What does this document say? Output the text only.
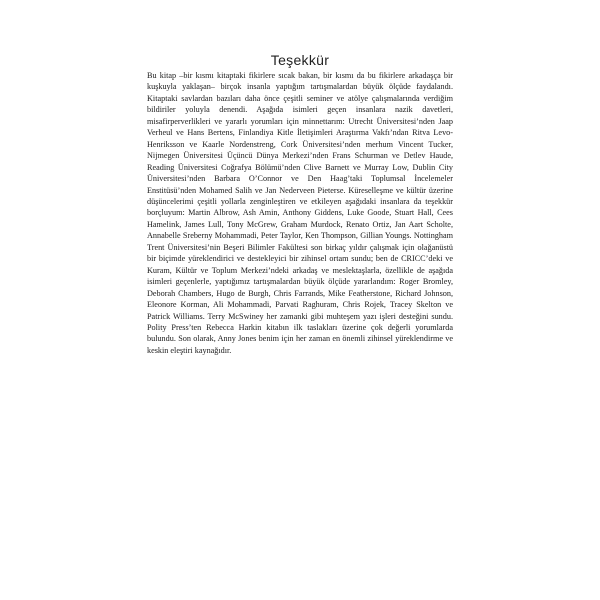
Teşekkür

Bu kitap –bir kısmı kitaptaki fikirlere sıcak bakan, bir kısmı da bu fikirlere arkadaşça bir kuşkuyla yaklaşan– birçok insanla yaptığım tartışmalardan büyük ölçüde faydalandı. Kitaptaki savlardan bazıları daha önce çeşitli seminer ve atölye çalışmalarında verdiğim bildiriler yoluyla denendi. Aşağıda isimleri geçen insanlara nazik davetleri, misafirperverlikleri ve yararlı yorumları için minnettarım: Utrecht Üniversitesi’nden Jaap Verheul ve Hans Bertens, Finlandiya Kitle İletişimleri Araştırma Vakfı’ndan Ritva Levo-Henriksson ve Kaarle Nordenstreng, Cork Üniversitesi’nden merhum Vincent Tucker, Nijmegen Üniversitesi Üçüncü Dünya Merkezi’nden Frans Schurman ve Detlev Haude, Reading Üniversitesi Coğrafya Bölümü’nden Clive Barnett ve Murray Low, Dublin City Üniversitesi’nden Barbara O’Connor ve Den Haag’taki Toplumsal İncelemeler Enstitüsü’nden Mohamed Salih ve Jan Nederveen Pieterse. Küreselleşme ve kültür üzerine düşüncelerimi çeşitli yollarla zenginleştiren ve etkileyen aşağıdaki insanlara da teşekkür borçluyum: Martin Albrow, Ash Amin, Anthony Giddens, Luke Goode, Stuart Hall, Cees Hamelink, James Lull, Tony McGrew, Graham Murdock, Renato Ortiz, Jan Aart Scholte, Annabelle Sreberny Mohammadi, Peter Taylor, Ken Thompson, Gillian Youngs. Nottingham Trent Üniversitesi’nin Beşeri Bilimler Fakültesi son birkaç yıldır çalışmak için olağanüstü bir biçimde yüreklendirici ve destekleyici bir zihinsel ortam sundu; ben de CRICC’deki ve Kuram, Kültür ve Toplum Merkezi’ndeki arkadaş ve meslektaşlarla, özellikle de aşağıda isimleri geçenlerle, yaptığımız tartışmalardan büyük ölçüde yararlandım: Roger Bromley, Deborah Chambers, Hugo de Burgh, Chris Farrands, Mike Featherstone, Richard Johnson, Eleonore Korman, Ali Mohammadi, Parvati Raghuram, Chris Rojek, Tracey Skelton ve Patrick Williams. Terry McSwiney her zamanki gibi muhteşem yazı işleri desteğini sundu. Polity Press’ten Rebecca Harkin kitabın ilk taslakları üzerine çok değerli yorumlarda bulundu. Son olarak, Anny Jones benim için her zaman en önemli zihinsel yüreklendirme ve keskin eleştiri kaynağıdır.
